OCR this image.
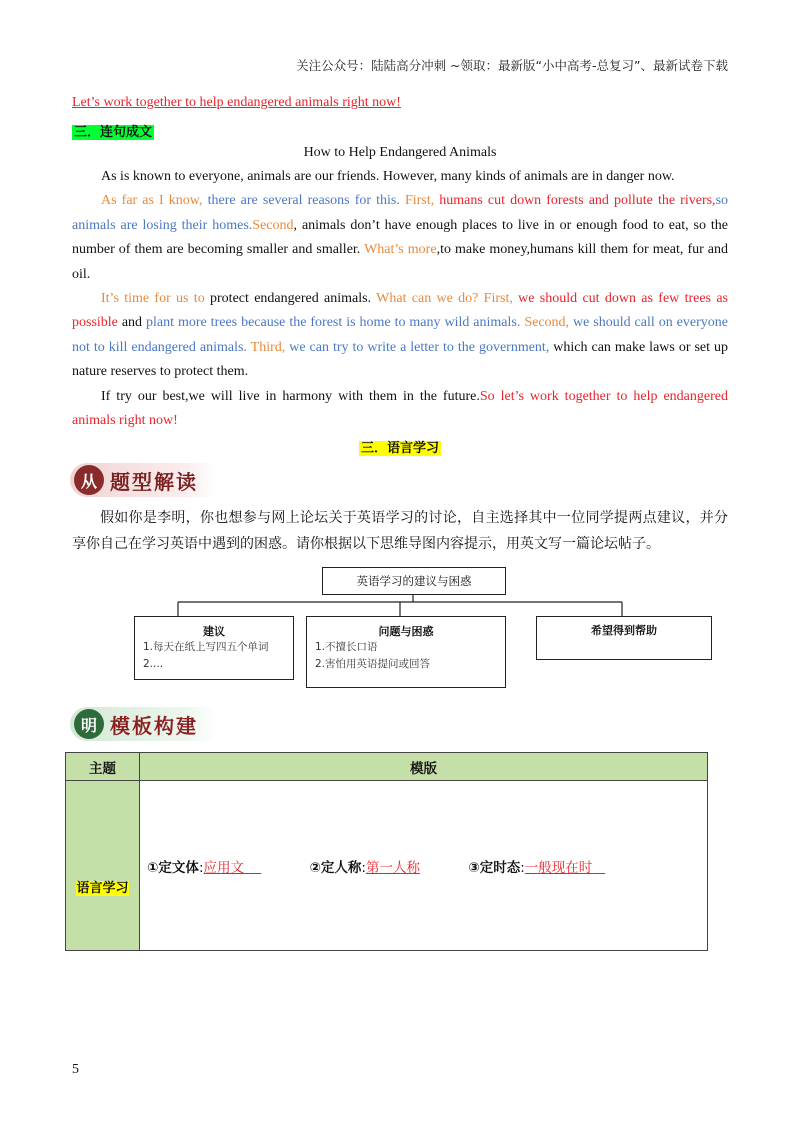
关注公众号：陆陆高分冲刺 ~领取：最新版“小中高考-总复习”、最新试卷下载
Let’s work together to help endangered animals right now!
三．连句成文
How to Help Endangered Animals

As is known to everyone, animals are our friends. However, many kinds of animals are in danger now.

As far as I know, there are several reasons for this. First, humans cut down forests and pollute the rivers,so animals are losing their homes.Second, animals don’t have enough places to live in or enough food to eat, so the number of them are becoming smaller and smaller. What’s more,to make money,humans kill them for meat, fur and oil.

It’s time for us to protect endangered animals. What can we do? First, we should cut down as few trees as possible and plant more trees because the forest is home to many wild animals. Second, we should call on everyone not to kill endangered animals. Third, we can try to write a letter to the government, which can make laws or set up nature reserves to protect them.

If try our best,we will live in harmony with them in the future.So let’s work together to help endangered animals right now!

三．语言学习
从 题型解读

假如你是李明，你也想参与网上论坛关于英语学习的讨论，自主选择其中一位同学提两点建议，并分享你自己在学习英语中遇到的困惑。请你根据以下思维导图内容提示，用英文写一篇论坛帖子。

英语学习的建议与困惑
建议
1.每天在纸上写四五个单词
2....
问题与困惑
1.不擅长口语
2.害怕用英语提问或回答
希望得到帮助
明 模板构建
主题	模版
语言学习	①定文体:应用文 ②定人称:第一人称 ③定时态:一般现在时
5
